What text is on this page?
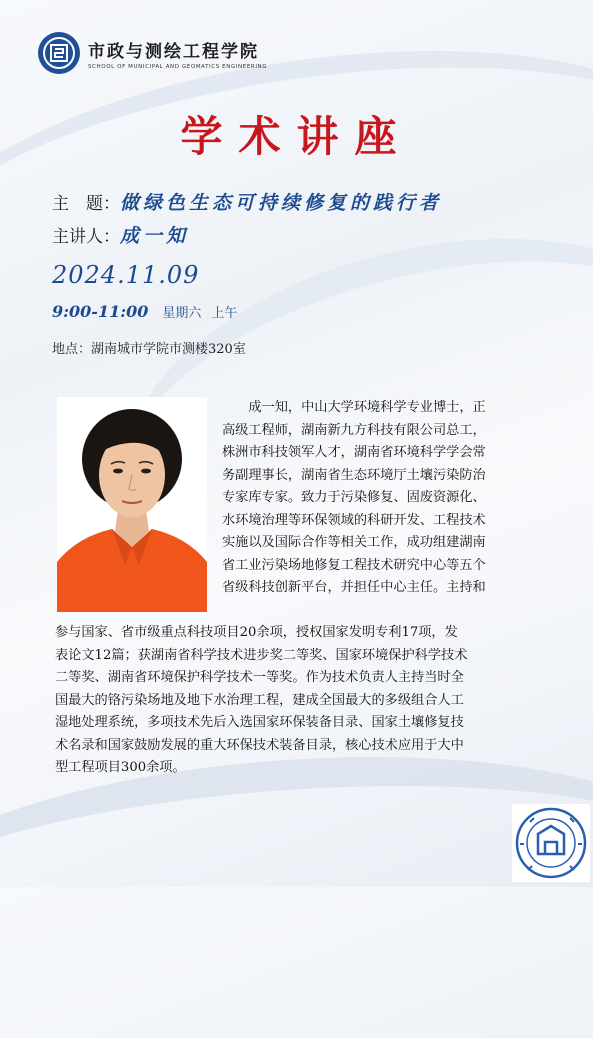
市政与测绘工程学院
SCHOOL OF MUNICIPAL AND GEOMATICS ENGINEERING
学术讲座
主　题： 做绿色生态可持续修复的践行者
主讲人： 成一知
2024.11.09
9:00-11:00 星期六 上午
地点：湖南城市学院市测楼320室
　　成一知，中山大学环境科学专业博士，正
高级工程师，湖南新九方科技有限公司总工，
株洲市科技领军人才，湖南省环境科学学会常
务副理事长，湖南省生态环境厅土壤污染防治
专家库专家。致力于污染修复、固废资源化、
水环境治理等环保领域的科研开发、工程技术
实施以及国际合作等相关工作，成功组建湖南
省工业污染场地修复工程技术研究中心等五个
省级科技创新平台，并担任中心主任。主持和
参与国家、省市级重点科技项目20余项，授权国家发明专利17项，发
表论文12篇；获湖南省科学技术进步奖二等奖、国家环境保护科学技术
二等奖、湖南省环境保护科学技术一等奖。作为技术负责人主持当时全
国最大的铬污染场地及地下水治理工程，建成全国最大的多级组合人工
湿地处理系统，多项技术先后入选国家环保装备目录、国家土壤修复技
术名录和国家鼓励发展的重大环保技术装备目录，核心技术应用于大中
型工程项目300余项。
